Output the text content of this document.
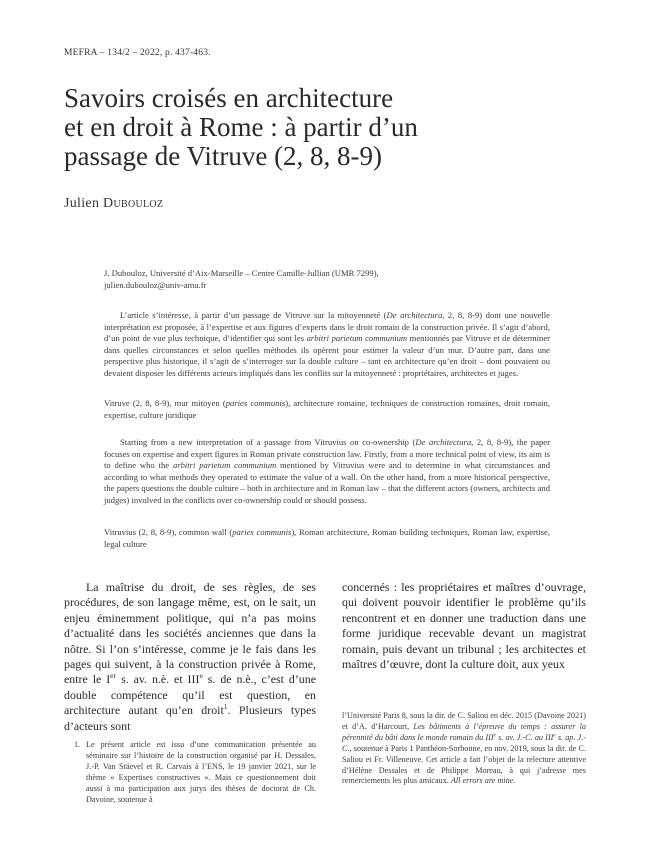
MEFRA – 134/2 – 2022, p. 437-463.
Savoirs croisés en architecture
et en droit à Rome : à partir d’un
passage de Vitruve (2, 8, 8-9)
Julien Dubouloz
J. Dubouloz, Université d’Aix-Marseille – Centre Camille-Jullian (UMR 7299),
julien.dubouloz@univ-amu.fr
L’article s’intéresse, à partir d’un passage de Vitruve sur la mitoyenneté (De architectura, 2, 8, 8-9) dont une nouvelle interprétation est proposée, à l’expertise et aux figures d’experts dans le droit romain de la construction privée. Il s’agit d’abord, d’un point de vue plus technique, d’identifier qui sont les arbitri parietum communium mentionnés par Vitruve et de déterminer dans quelles circonstances et selon quelles méthodes ils opèrent pour estimer la valeur d’un mur. D’autre part, dans une perspective plus historique, il s’agit de s’interroger sur la double culture – tant en architecture qu’en droit – dont pouvaient ou devaient disposer les différents acteurs impliqués dans les conflits sur la mitoyenneté : propriétaires, architectes et juges.
Vitruve (2, 8, 8-9), mur mitoyen (paries communis), architecture romaine, techniques de construction romaines, droit romain, expertise, culture juridique
Starting from a new interpretation of a passage from Vitruvius on co-ownership (De architectura, 2, 8, 8-9), the paper focuses on expertise and expert figures in Roman private construction law. Firstly, from a more technical point of view, its aim is to define who the arbitri parietum communium mentioned by Vitruvius were and to determine in what circumstances and according to what methods they operated to estimate the value of a wall. On the other hand, from a more historical perspective, the papers questions the double culture – both in architecture and in Roman law – that the different actors (owners, architects and judges) involved in the conflicts over co-ownership could or should possess.
Vitruvius (2, 8, 8-9), common wall (paries communis), Roman architecture, Roman building techniques, Roman law, expertise, legal culture

La maîtrise du droit, de ses règles, de ses procédures, de son langage même, est, on le sait, un enjeu éminemment politique, qui n’a pas moins d’actualité dans les sociétés anciennes que dans la nôtre. Si l’on s’intéresse, comme je le fais dans les pages qui suivent, à la construction privée à Rome, entre le Ier s. av. n.è. et IIIe s. de n.è., c’est d’une double compétence qu’il est question, en architecture autant qu’en droit$^1$. Plusieurs types d’acteurs sont

concernés : les propriétaires et maîtres d’ouvrage, qui doivent pouvoir identifier le problème qu’ils rencontrent et en donner une traduction dans une forme juridique recevable devant un magistrat romain, puis devant un tribunal ; les architectes et maîtres d’œuvre, dont la culture doit, aux yeux

1. Le présent article est issu d’une communication présentée au séminaire sur l’histoire de la construction organisé par H. Dessales, J.-P. Van Stäevel et R. Carvais à l’ENS, le 19 janvier 2021, sur le thème « Expertises constructives ». Mais ce questionnement doit aussi à ma participation aux jurys des thèses de doctorat de Ch. Davoine, soutenue à
l’Université Paris 8, sous la dir. de C. Saliou en déc. 2015 (Davoine 2021) et d’A. d’Harcourt, Les bâtiments à l’épreuve du temps : assurer la pérennité du bâti dans le monde romain du IIIe s. av. J.-C. au IIIe s. ap. J.-C., soutenue à Paris 1 Panthéon-Sorbonne, en nov. 2019, sous la dir. de C. Saliou et Fr. Villeneuve. Cet article a fait l’objet de la relecture attentive d’Hélène Dessales et de Philippe Moreau, à qui j’adresse mes remerciements les plus amicaux. All errors are mine.
